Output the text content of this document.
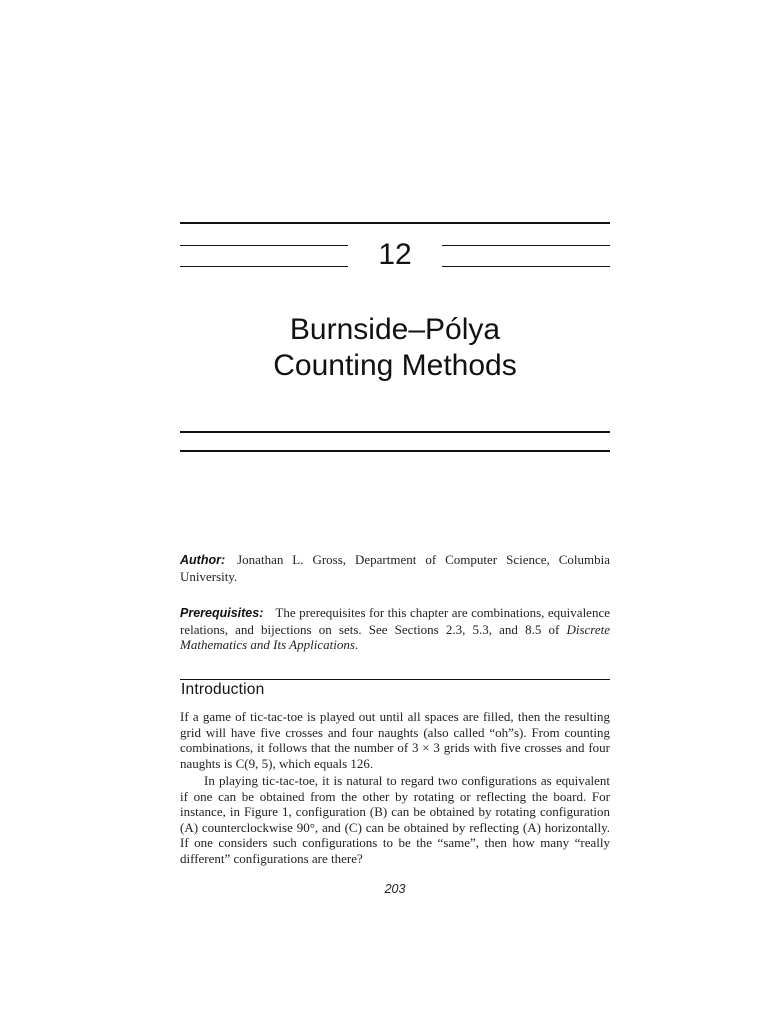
12
Burnside–Pólya
Counting Methods
Author: Jonathan L. Gross, Department of Computer Science, Columbia University.
Prerequisites: The prerequisites for this chapter are combinations, equivalence relations, and bijections on sets. See Sections 2.3, 5.3, and 8.5 of Discrete Mathematics and Its Applications.
Introduction
If a game of tic-tac-toe is played out until all spaces are filled, then the resulting grid will have five crosses and four naughts (also called “oh”s). From counting combinations, it follows that the number of 3 × 3 grids with five crosses and four naughts is C(9, 5), which equals 126.
In playing tic-tac-toe, it is natural to regard two configurations as equivalent if one can be obtained from the other by rotating or reflecting the board. For instance, in Figure 1, configuration (B) can be obtained by rotating configuration (A) counterclockwise 90°, and (C) can be obtained by reflecting (A) horizontally. If one considers such configurations to be the “same”, then how many “really different” configurations are there?
203
